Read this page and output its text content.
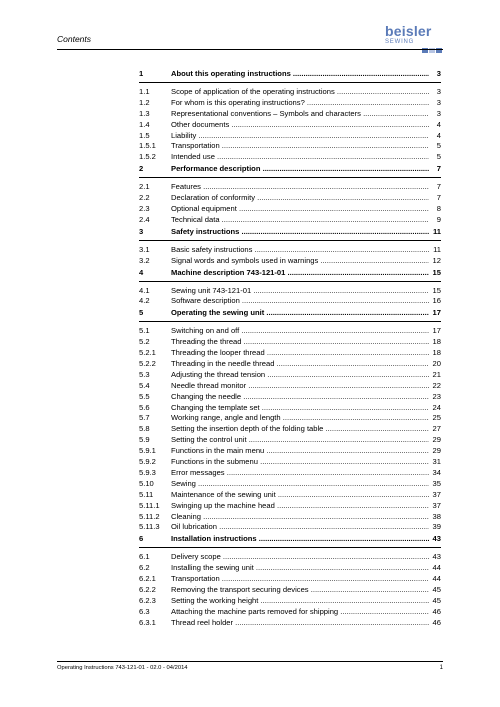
Contents	beisler
SEWING
1	About this operating instructions .....	3
1.1	Scope of application of the operating instructions .....	3
1.2	For whom is this operating instructions? .....	3
1.3	Representational conventions – Symbols and characters .....	3
1.4	Other documents .....	4
1.5	Liability .....	4
1.5.1 Transportation .....	5
1.5.2 Intended use .....	5
2	Performance description .....	7
2.1	Features .....	7
2.2	Declaration of conformity .....	7
2.3	Optional equipment .....	8
2.4	Technical data .....	9
3	Safety instructions .....	11
3.1	Basic safety instructions .....	11
3.2	Signal words and symbols used in warnings .....	12
4	Machine description 743-121-01 .....	15
4.1	Sewing unit 743-121-01 .....	15
4.2	Software description .....	16
5	Operating the sewing unit .....	17
5.1	Switching on and off .....	17
5.2	Threading the thread .....	18
5.2.1 Threading the looper thread .....	18
5.2.2 Threading in the needle thread .....	20
5.3	Adjusting the thread tension .....	21
5.4	Needle thread monitor .....	22
5.5	Changing the needle .....	23
5.6	Changing the template set .....	24
5.7	Working range, angle and length .....	25
5.8	Setting the insertion depth of the folding table .....	27
5.9	Setting the control unit .....	29
5.9.1 Functions in the main menu .....	29
5.9.2 Functions in the submenu .....	31
5.9.3 Error messages .....	34
5.10 Sewing .....	35
5.11 Maintenance of the sewing unit .....	37
5.11.1 Swinging up the machine head .....	37
5.11.2 Cleaning .....	38
5.11.3 Oil lubrication .....	39
6	Installation instructions .....	43
6.1	Delivery scope .....	43
6.2	Installing the sewing unit .....	44
6.2.1 Transportation .....	44
6.2.2 Removing the transport securing devices .....	45
6.2.3 Setting the working height .....	45
6.3	Attaching the machine parts removed for shipping .....	46
6.3.1 Thread reel holder .....	46
Operating Instructions 743-121-01 - 02.0 - 04/2014	1
